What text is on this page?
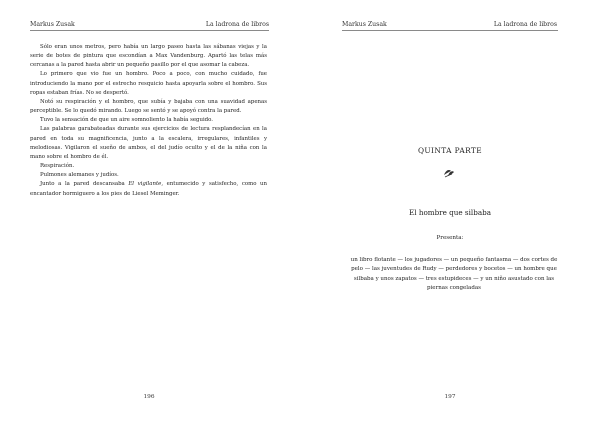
Markus Zusak	La ladrona de libros

Sólo eran unos metros, pero había un largo paseo hasta las sábanas viejas y la serie de botes de pintura que escondían a Max Vandenburg. Apartó las telas más cercanas a la pared hasta abrir un pequeño pasillo por el que asomar la cabeza.

Lo primero que vio fue un hombro. Poco a poco, con mucho cuidado, fue introduciendo la mano por el estrecho resquicio hasta apoyarla sobre el hombro. Sus ropas estaban frías. No se despertó.

Notó su respiración y el hombro, que subía y bajaba con una suavidad apenas perceptible. Se lo quedó mirando. Luego se sentó y se apoyó contra la pared.

Tuvo la sensación de que un aire somnoliento la había seguido.

Las palabras garabateadas durante sus ejercicios de lectura resplandecían en la pared en toda su magnificencia, junto a la escalera, irregulares, infantiles y melodiosas. Vigilaron el sueño de ambos, el del judío oculto y el de la niña con la mano sobre el hombro de él.

Respiración.

Pulmones alemanes y judíos.

Junto a la pared descansaba El vigilante, entumecido y satisfecho, como un encantador hormiguero a los pies de Liesel Meminger.

196
Markus Zusak	La ladrona de libros
QUINTA PARTE
El hombre que silbaba
Presenta:
un libro flotante — los jugadores — un pequeño fantasma — dos cortes de pelo — las juventudes de Rudy — perdedores y bocetos — un hombre que silbaba y unos zapatos — tres estupideces — y un niño asustado con las piernas congeladas
197
